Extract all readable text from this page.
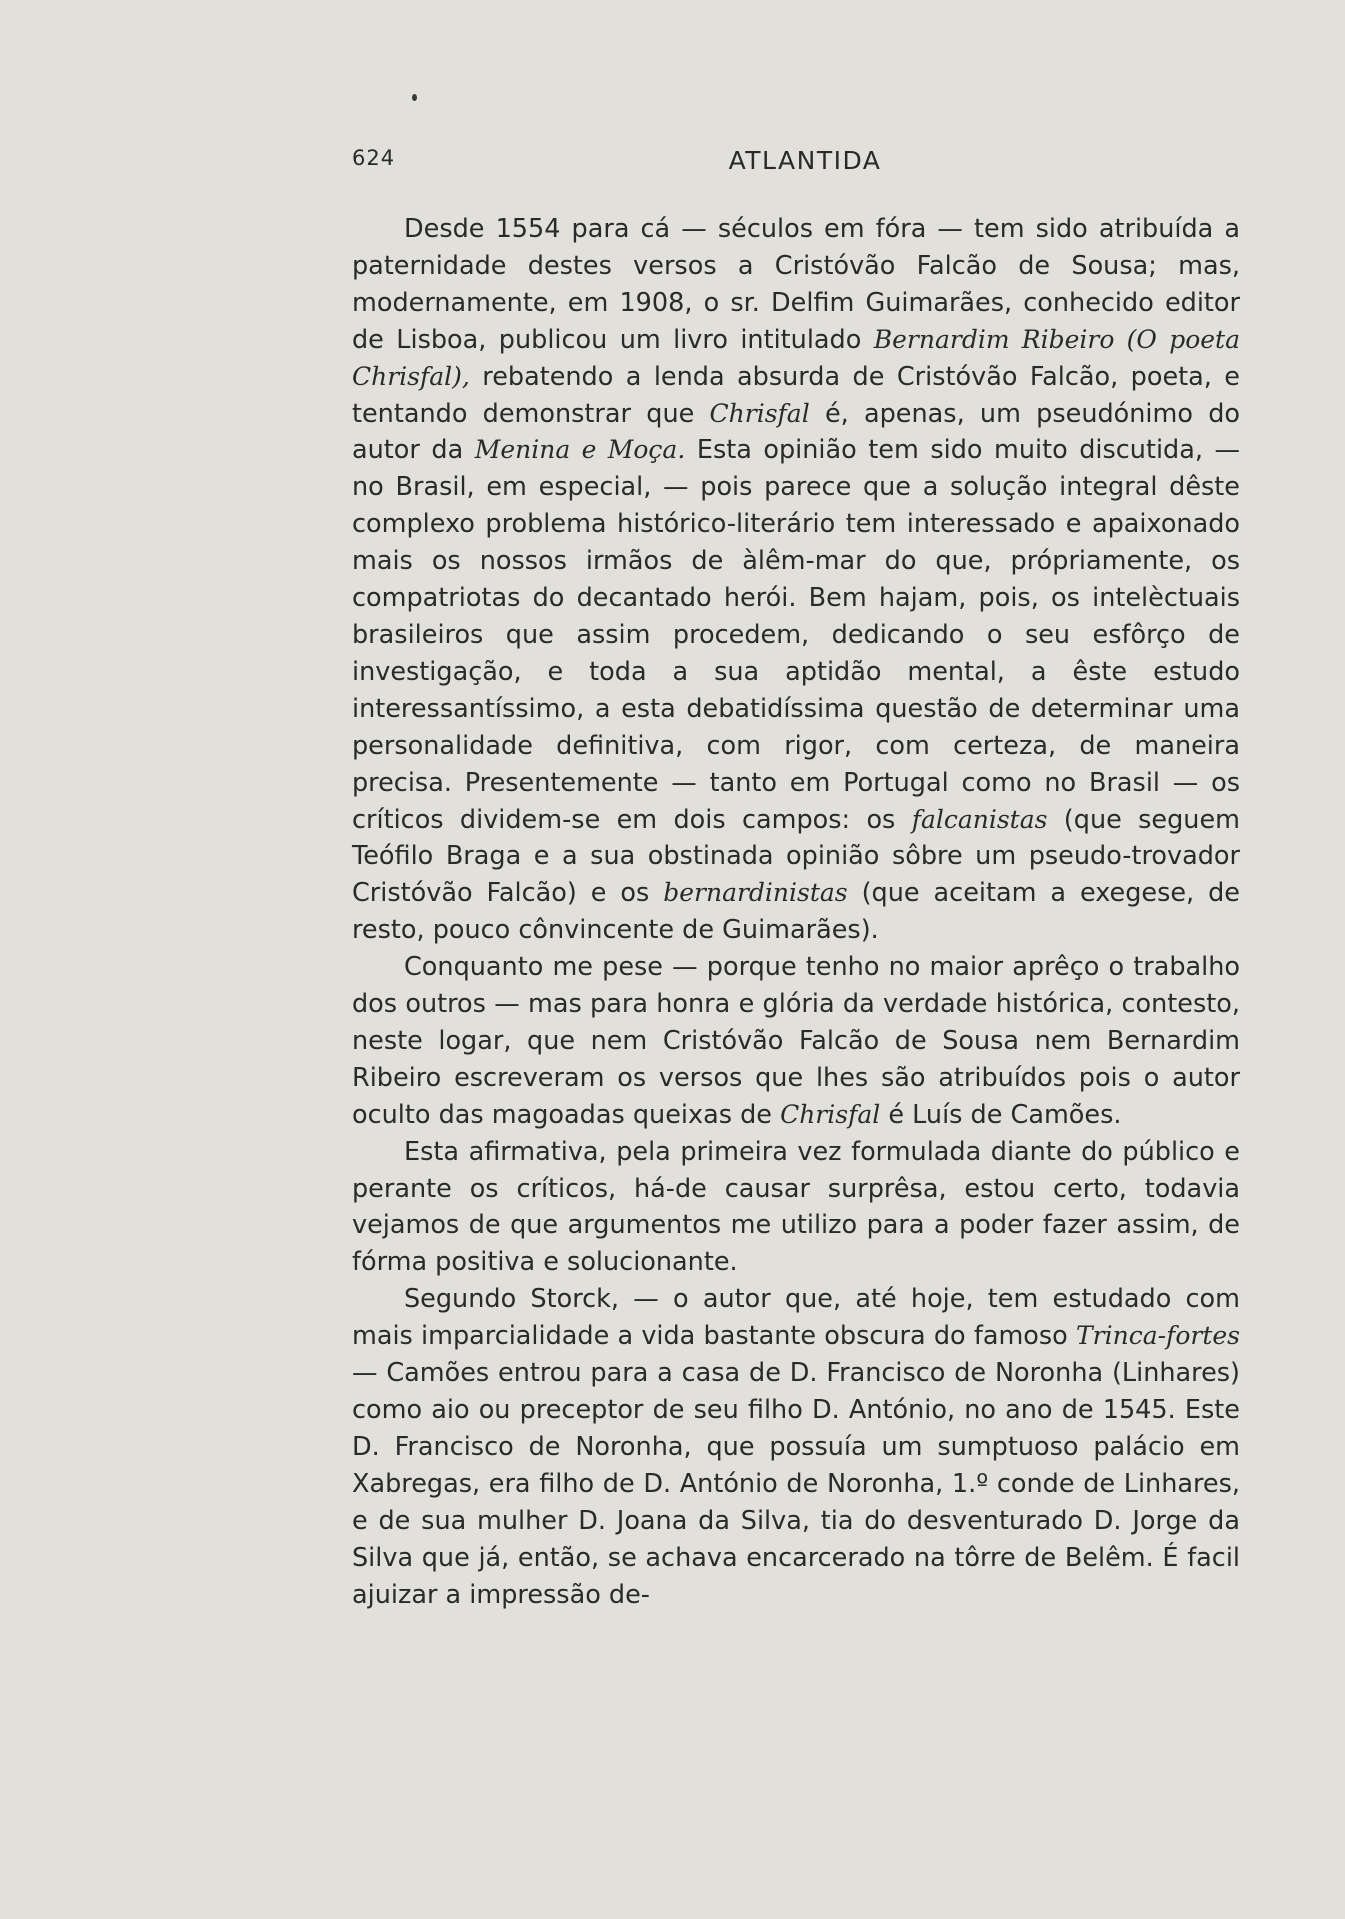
624	ATLANTIDA

Desde 1554 para cá — séculos em fóra — tem sido atribuída a paternidade destes versos a Cristóvão Falcão de Sousa; mas, modernamente, em 1908, o sr. Delfim Guimarães, conhecido editor de Lisboa, publicou um livro intitulado Bernardim Ribeiro (O poeta Chrisfal), rebatendo a lenda absurda de Cristóvão Falcão, poeta, e tentando demonstrar que Chrisfal é, apenas, um pseudónimo do autor da Menina e Moça. Esta opinião tem sido muito discutida, — no Brasil, em especial, — pois parece que a solução integral dêste complexo problema histórico-literário tem interessado e apaixonado mais os nossos irmãos de àlêm-mar do que, própriamente, os compatriotas do decantado herói. Bem hajam, pois, os intelèctuais brasileiros que assim procedem, dedicando o seu esfôrço de investigação, e toda a sua aptidão mental, a êste estudo interessantíssimo, a esta debatidíssima questão de determinar uma personalidade definitiva, com rigor, com certeza, de maneira precisa. Presentemente — tanto em Portugal como no Brasil — os críticos dividem-se em dois campos: os falcanistas (que seguem Teófilo Braga e a sua obstinada opinião sôbre um pseudo-trovador Cristóvão Falcão) e os bernardinistas (que aceitam a exegese, de resto, pouco cônvincente de Guimarães).

Conquanto me pese — porque tenho no maior aprêço o trabalho dos outros — mas para honra e glória da verdade histórica, contesto, neste logar, que nem Cristóvão Falcão de Sousa nem Bernardim Ribeiro escreveram os versos que lhes são atribuídos pois o autor oculto das magoadas queixas de Chrisfal é Luís de Camões.

Esta afirmativa, pela primeira vez formulada diante do público e perante os críticos, há-de causar surprêsa, estou certo, todavia vejamos de que argumentos me utilizo para a poder fazer assim, de fórma positiva e solucionante.

Segundo Storck, — o autor que, até hoje, tem estudado com mais imparcialidade a vida bastante obscura do famoso Trinca-fortes — Camões entrou para a casa de D. Francisco de Noronha (Linhares) como aio ou preceptor de seu filho D. António, no ano de 1545. Este D. Francisco de Noronha, que possuía um sumptuoso palácio em Xabregas, era filho de D. António de Noronha, 1.º conde de Linhares, e de sua mulher D. Joana da Silva, tia do desventurado D. Jorge da Silva que já, então, se achava encarcerado na tôrre de Belêm. É facil ajuizar a impressão de-
